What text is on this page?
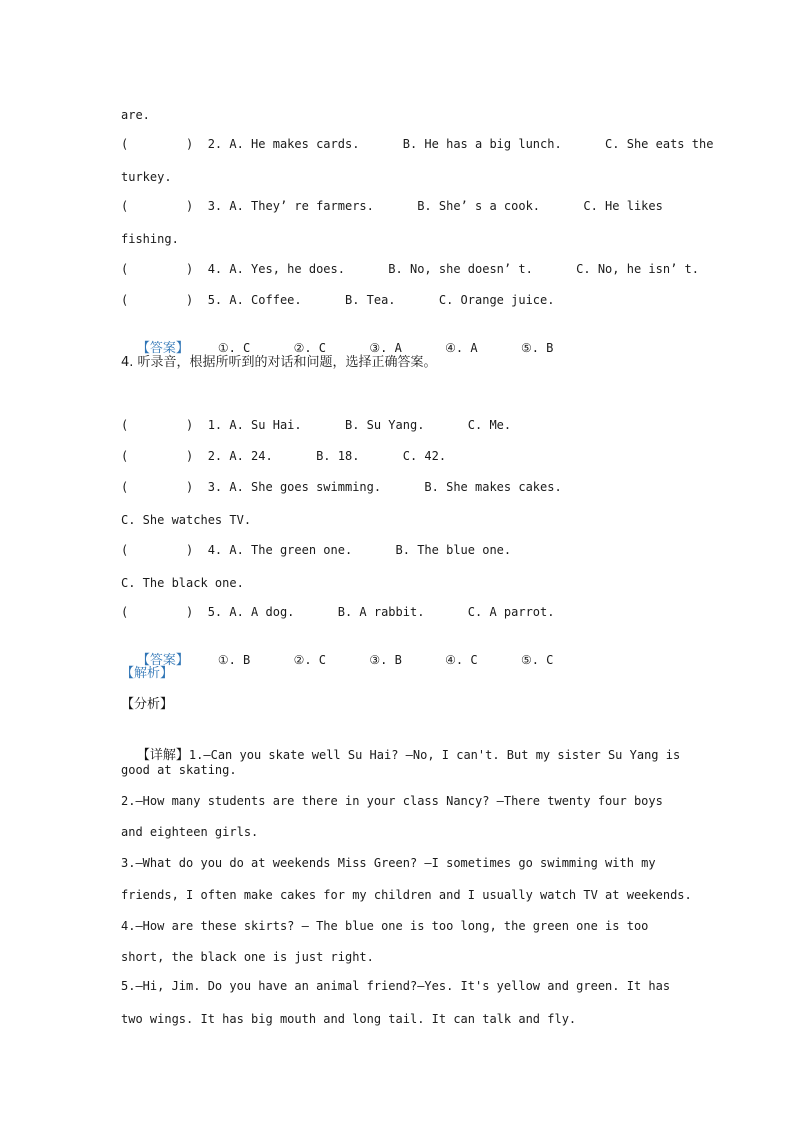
are.
(        )  2. A. He makes cards.      B. He has a big lunch.      C. She eats the
turkey.
(        )  3. A. They’ re farmers.      B. She’ s a cook.      C. He likes
fishing.
(        )  4. A. Yes, he does.      B. No, she doesn’ t.      C. No, he isn’ t.
(        )  5. A. Coffee.      B. Tea.      C. Orange juice.

【答案】    ①. C      ②. C      ③. A      ④. A      ⑤. B

4. 听录音，根据所听到的对话和问题，选择正确答案。
(        )  1. A. Su Hai.      B. Su Yang.      C. Me.
(        )  2. A. 24.      B. 18.      C. 42.
(        )  3. A. She goes swimming.      B. She makes cakes.
C. She watches TV.
(        )  4. A. The green one.      B. The blue one.
C. The black one.
(        )  5. A. A dog.      B. A rabbit.      C. A parrot.

【答案】    ①. B      ②. C      ③. B      ④. C      ⑤. C

【解析】
【分析】

【详解】1.—Can you skate well Su Hai? —No, I can't. But my sister Su Yang is

good at skating.
2.—How many students are there in your class Nancy? —There twenty four boys
and eighteen girls.
3.—What do you do at weekends Miss Green? —I sometimes go swimming with my
friends, I often make cakes for my children and I usually watch TV at weekends.
4.—How are these skirts? — The blue one is too long, the green one is too
short, the black one is just right.
5.—Hi, Jim. Do you have an animal friend?—Yes. It's yellow and green. It has
two wings. It has big mouth and long tail. It can talk and fly.
